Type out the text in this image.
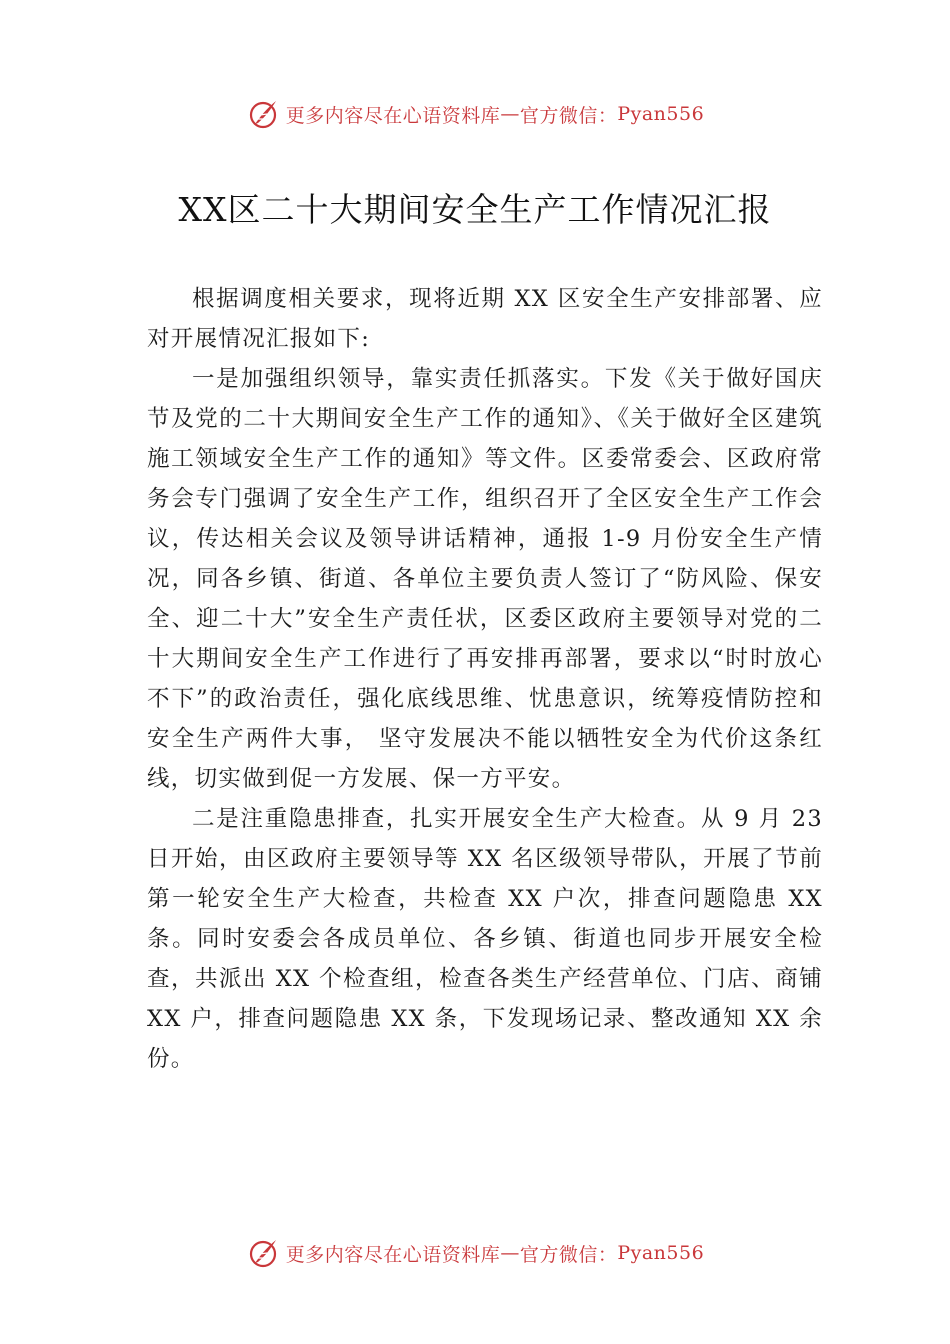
更多内容尽在心语资料库 — 官方微信： Pyan556
XX区二十大期间安全生产工作情况汇报

根据调度相关要求，现将近期 XX 区安全生产安排部署、应对开展情况汇报如下:

一是加强组织领导，靠实责任抓落实。下发《关于做好国庆节及党的二十大期间安全生产工作的通知》、《关于做好全区建筑施工领域安全生产工作的通知》等文件。区委常委会、区政府常务会专门强调了安全生产工作，组织召开了全区安全生产工作会议，传达相关会议及领导讲话精神，通报 1-9 月份安全生产情况，同各乡镇、街道、各单位主要负责人签订了“防风险、保安全、迎二十大”安全生产责任状，区委区政府主要领导对党的二十大期间安全生产工作进行了再安排再部署，要求以“时时放心不下”的政治责任，强化底线思维、忧患意识，统筹疫情防控和安全生产两件大事， 坚守发展决不能以牺牲安全为代价这条红线，切实做到促一方发展、保一方平安。

二是注重隐患排查，扎实开展安全生产大检查。从 9 月 23 日开始，由区政府主要领导等 XX 名区级领导带队，开展了节前第一轮安全生产大检查，共检查 XX 户次，排查问题隐患 XX 条。同时安委会各成员单位、各乡镇、街道也同步开展安全检查，共派出 XX 个检查组，检查各类生产经营单位、门店、商铺 XX 户，排查问题隐患 XX 条，下发现场记录、整改通知 XX 余份。

更多内容尽在心语资料库 — 官方微信： Pyan556
